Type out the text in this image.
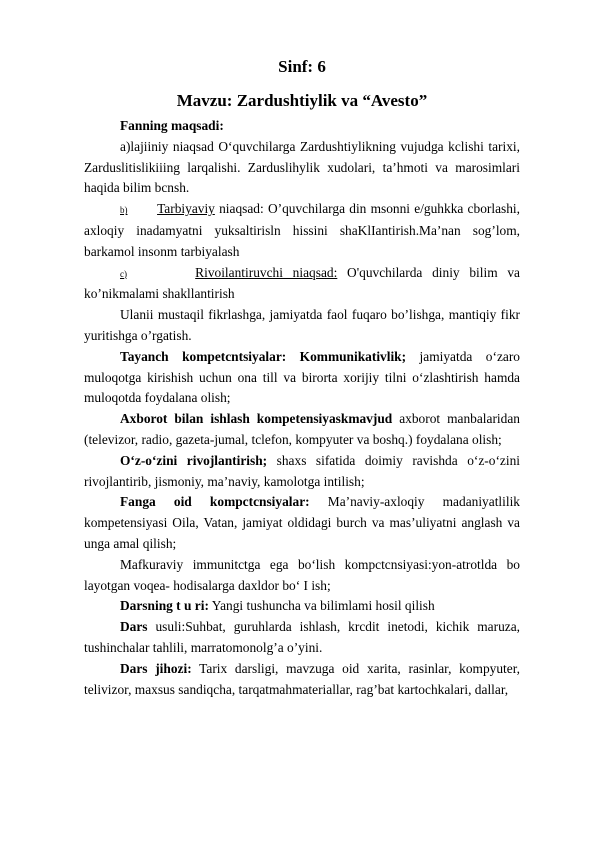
Sinf: 6

Mavzu: Zardushtiylik va “Avesto”

Fanning maqsadi:

a)lajiiniy niaqsad O‘quvchilarga Zardushtiylikning vujudga kclishi tarixi, Zarduslitislikiiing larqalishi. Zarduslihylik xudolari, ta’hmoti va marosimlari haqida bilim bcnsh.

b) Tarbiyaviy niaqsad: O’quvchilarga din msonni e/guhkka cborlashi, axloqiy inadamyatni yuksaltirisln hissini shaKlIantirish.Ma’nan sog’lom, barkamol insonm tarbiyalash

c)	Rivoilantiruvchi niaqsad: O'quvchilarda diniy bilim va ko’nikmalami shakllantirish

Ulanii mustaqil fikrlashga, jamiyatda faol fuqaro bo’lishga, mantiqiy fikr yuritishga o’rgatish.

Tayanch kompetcntsiyalar: Kommunikativlik; jamiyatda o‘zaro muloqotga kirishish uchun ona till va birorta xorijiy tilni o‘zlashtirish hamda muloqotda foydalana olish;

Axborot bilan ishlash kompetensiyaskmavjud axborot manbalaridan (televizor, radio, gazeta-jumal, tclefon, kompyuter va boshq.) foydalana olish;

O‘z-o‘zini rivojlantirish; shaxs sifatida doimiy ravishda o‘z-o‘zini rivojlantirib, jismoniy, ma’naviy, kamolotga intilish;

Fanga oid kompctcnsiyalar: Ma’naviy-axloqiy madaniyatlilik kompetensiyasi Oila, Vatan, jamiyat oldidagi burch va mas’uliyatni anglash va unga amal qilish;

Mafkuraviy immunitctga ega bo‘lish kompctcnsiyasi:yon-atrotlda bo layotgan voqea- hodisalarga daxldor bo‘ I ish;

Darsning t u ri: Yangi tushuncha va bilimlami hosil qilish

Dars usuli:Suhbat, guruhlarda ishlash, krcdit inetodi, kichik maruza, tushinchalar tahlili, marratomonolg’a o’yini.

Dars jihozi: Tarix darsligi, mavzuga oid xarita, rasinlar, kompyuter, telivizor, maxsus sandiqcha, tarqatmahmateriallar, rag’bat kartochkalari, dallar,
